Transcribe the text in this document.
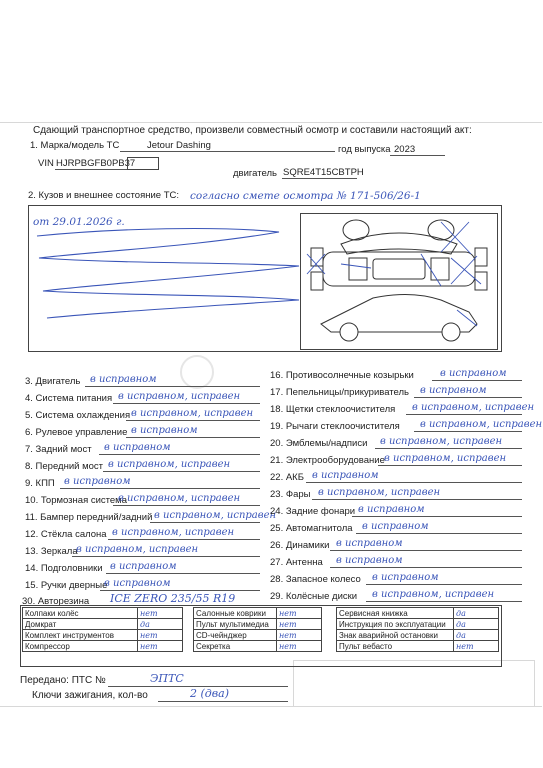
Сдающий транспортное средство, произвели совместный осмотр и составили настоящий акт:
1. Марка/модель ТС	Jetour Dashing	год выпуска 2023
VIN HJRPBGFB0PB37
двигатель SQRE4T15CBTPH
2. Кузов и внешнее состояние ТС: согласно смете осмотра № 171-506/26-1
от 29.01.2026 г.
3. Двигатель в исправном
4. Система питания в исправном, исправен
5. Система охлаждения в исправном, исправен
6. Рулевое управление в исправном
7. Задний мост в исправном
8. Передний мост в исправном, исправен
9. КПП в исправном
10. Тормозная система
в исправном, исправен
11. Бампер передний/задний в исправном, исправен
12. Стёкла салона в исправном, исправен
13. Зеркала
в исправном, исправен
14. Подголовники в исправном
15. Ручки дверные
в исправном
16. Противосолнечные козырьки	в исправном
17. Пепельницы/прикуриватель в исправном
18. Щетки стеклоочистителя в исправном, исправен
19. Рычаги стеклоочистителя в исправном, исправен
20. Эмблемы/надписи в исправном, исправен
21. Электрооборудование в исправном, исправен
22. АКБ в исправном
23. Фары в исправном, исправен
24. Задние фонари в исправном
25. Автомагнитола в исправном
26. Динамики в исправном
27. Антенна в исправном
28. Запасное колесо в исправном
29. Колёсные диски в исправном, исправен
30. Авторезина ICE ZERO 235/55 R19
Колпаки колёс	нет
Домкрат	да
Комплект инструментов	нет
Компрессор	нет
Салонные коврики	нет
Пульт мультимедиа	нет
CD-чейнджер	нет
Секретка	нет
Сервисная книжка	да
Инструкция по эксплуатации	да
Знак аварийной остановки	да
Пульт вебасто	нет
Передано: ПТС №	ЭПТС
Ключи зажигания, кол-во	2 (два)
